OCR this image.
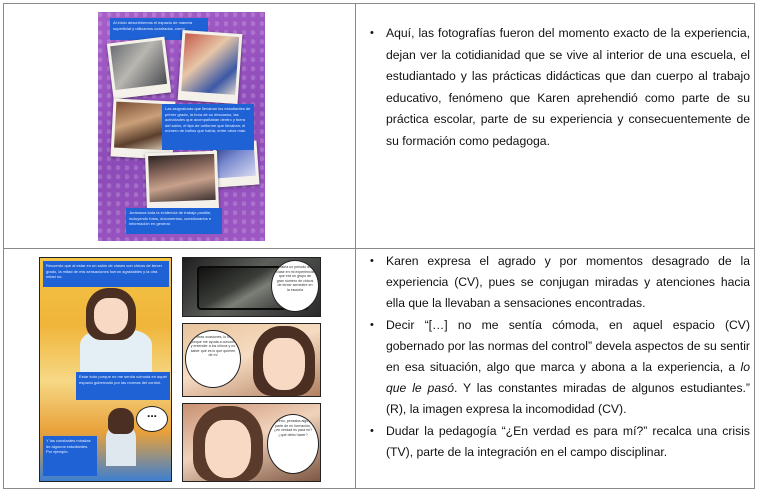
Al inicio describiremos el espacio de manera superficial y utilizamos cuadrados, como
Las asignaturas que llevaban los estudiantes de primer grado, la hora de su descanso, las actividades que acompañaban dentro y fuera del salón, el tipo de uniforme que llevaban, el número de baños que había, entre otros más.
Juntamos toda la evidencia de trabajo posible, incluyendo fotos, documentos, cuestionarios e información en general.
• Aquí, las fotografías fueron del momento exacto de la experiencia, dejan ver la cotidianidad que se vive al interior de una escuela, el estudiantado y las prácticas didácticas que dan cuerpo al trabajo educativo, fenómeno que Karen aprehendió como parte de su práctica escolar, parte de su experiencia y consecuentemente de su formación como pedagoga.
Recuerdo que al estar en un salón de clases con chicos de tercer grado, la mitad de mis sensaciones fueron agradables y la otra mitad no.
Estar todo porque no me sentía cómoda en aquel espacio gobernado por las normas del control.
...
Y las constantes miradas de algunos estudiantes. Por ejemplo:
Había un periodo de clase en mi experiencia que era un grupo de gran número de chicos de tercer semestre en la escuela
En otras ocasiones, lo hago porque me ayuda a conocer y entender a los chicos y no saber qué es lo que quieren de mí
Al verlo, pensaba algo en parte de mí formación, ¿en verdad es para mí? ¿qué debo hacer?
• Karen expresa el agrado y por momentos desagrado de la experiencia (CV), pues se conjugan miradas y atenciones hacia ella que la llevaban a sensaciones encontradas.
• Decir “[…] no me sentía cómoda, en aquel espacio (CV) gobernado por las normas del control” devela aspectos de su sentir en esa situación, algo que marca y abona a la experiencia, a lo que le pasó. Y las constantes miradas de algunos estudiantes.” (R), la imagen expresa la incomodidad (CV).
• Dudar la pedagogía “¿En verdad es para mí?” recalca una crisis (TV), parte de la integración en el campo disciplinar.
